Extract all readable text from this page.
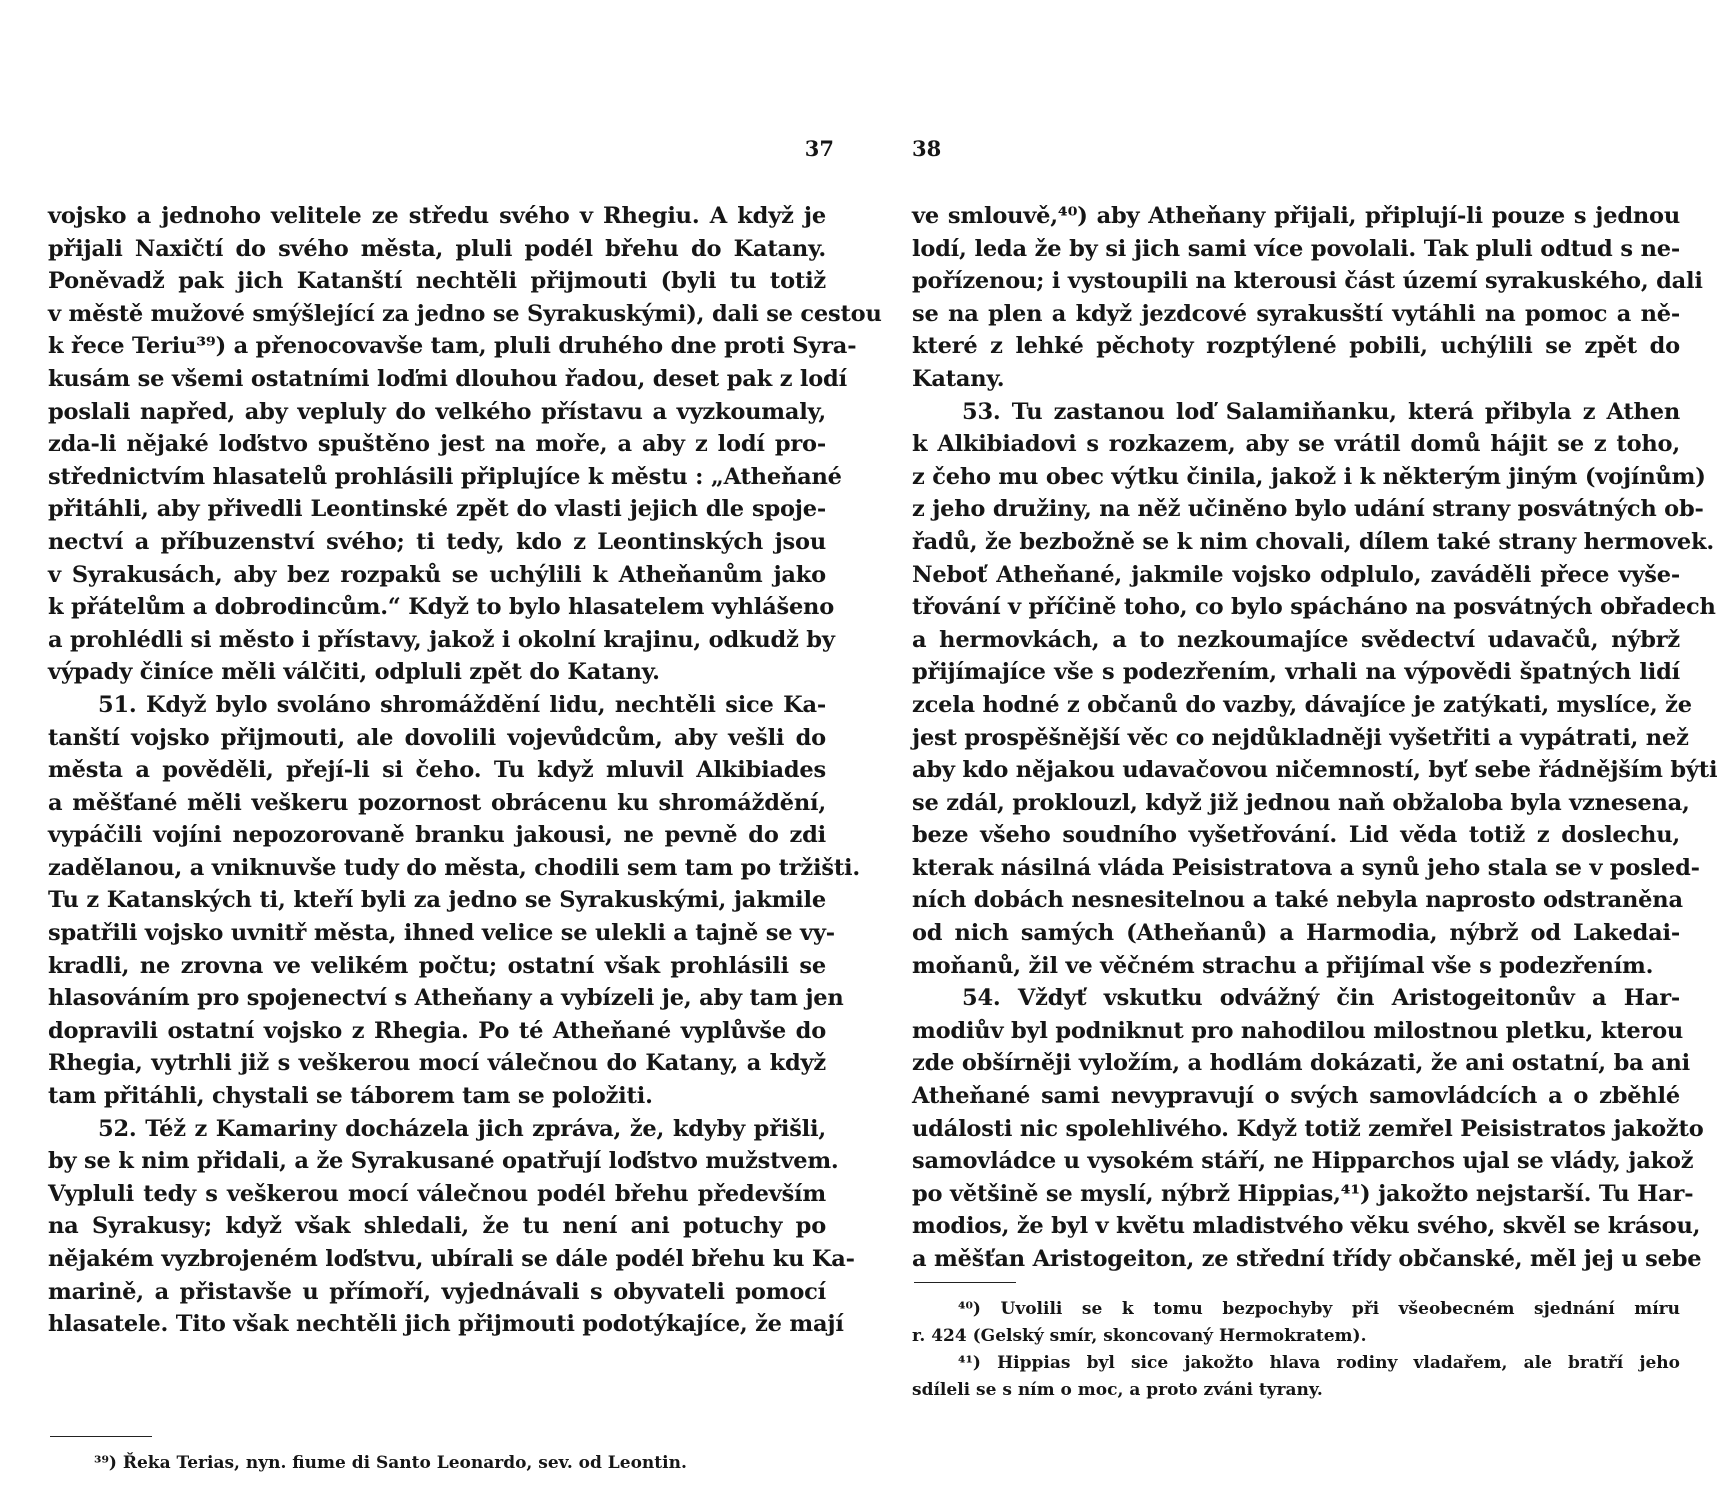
37
vojsko a jednoho velitele ze středu svého v Rhegiu. A když je
přijali Naxičtí do svého města, pluli podél břehu do Katany.
Poněvadž pak jich Katanští nechtěli přijmouti (byli tu totiž
v městě mužové smýšlející za jedno se Syrakuskými), dali se cestou
k řece Teriu³⁹) a přenocovavše tam, pluli druhého dne proti Syra-
kusám se všemi ostatními loďmi dlouhou řadou, deset pak z lodí
poslali napřed, aby vepluly do velkého přístavu a vyzkoumaly,
zda-li nějaké loďstvo spuštěno jest na moře, a aby z lodí pro-
střednictvím hlasatelů prohlásili připlujíce k městu : „Atheňané
přitáhli, aby přivedli Leontinské zpět do vlasti jejich dle spoje-
nectví a příbuzenství svého; ti tedy, kdo z Leontinských jsou
v Syrakusách, aby bez rozpaků se uchýlili k Atheňanům jako
k přátelům a dobrodincům.“ Když to bylo hlasatelem vyhlášeno
a prohlédli si město i přístavy, jakož i okolní krajinu, odkudž by
výpady činíce měli válčiti, odpluli zpět do Katany.
51. Když bylo svoláno shromáždění lidu, nechtěli sice Ka-
tanští vojsko přijmouti, ale dovolili vojevůdcům, aby vešli do
města a pověděli, přejí-li si čeho. Tu když mluvil Alkibiades
a měšťané měli veškeru pozornost obrácenu ku shromáždění,
vypáčili vojíni nepozorovaně branku jakousi, ne pevně do zdi
zadělanou, a vniknuvše tudy do města, chodili sem tam po tržišti.
Tu z Katanských ti, kteří byli za jedno se Syrakuskými, jakmile
spatřili vojsko uvnitř města, ihned velice se ulekli a tajně se vy-
kradli, ne zrovna ve velikém počtu; ostatní však prohlásili se
hlasováním pro spojenectví s Atheňany a vybízeli je, aby tam jen
dopravili ostatní vojsko z Rhegia. Po té Atheňané vyplůvše do
Rhegia, vytrhli již s veškerou mocí válečnou do Katany, a když
tam přitáhli, chystali se táborem tam se položiti.
52. Též z Kamariny docházela jich zpráva, že, kdyby přišli,
by se k nim přidali, a že Syrakusané opatřují loďstvo mužstvem.
Vypluli tedy s veškerou mocí válečnou podél břehu především
na Syrakusy; když však shledali, že tu není ani potuchy po
nějakém vyzbrojeném loďstvu, ubírali se dále podél břehu ku Ka-
marině, a přistavše u přímoří, vyjednávali s obyvateli pomocí
hlasatele. Tito však nechtěli jich přijmouti podotýkajíce, že mají
³⁹) Řeka Terias, nyn. fiume di Santo Leonardo, sev. od Leontin.
38
ve smlouvě,⁴⁰) aby Atheňany přijali, připlují-li pouze s jednou
lodí, leda že by si jich sami více povolali. Tak pluli odtud s ne-
pořízenou; i vystoupili na kterousi část území syrakuského, dali
se na plen a když jezdcové syrakusští vytáhli na pomoc a ně-
které z lehké pěchoty rozptýlené pobili, uchýlili se zpět do
Katany.
53. Tu zastanou loď Salamiňanku, která přibyla z Athen
k Alkibiadovi s rozkazem, aby se vrátil domů hájit se z toho,
z čeho mu obec výtku činila, jakož i k některým jiným (vojínům)
z jeho družiny, na něž učiněno bylo udání strany posvátných ob-
řadů, že bezbožně se k nim chovali, dílem také strany hermovek.
Neboť Atheňané, jakmile vojsko odplulo, zaváděli přece vyše-
třování v příčině toho, co bylo spácháno na posvátných obřadech
a hermovkách, a to nezkoumajíce svědectví udavačů, nýbrž
přijímajíce vše s podezřením, vrhali na výpovědi špatných lidí
zcela hodné z občanů do vazby, dávajíce je zatýkati, myslíce, že
jest prospěšnější věc co nejdůkladněji vyšetřiti a vypátrati, než
aby kdo nějakou udavačovou ničemností, byť sebe řádnějším býti
se zdál, proklouzl, když již jednou naň obžaloba byla vznesena,
beze všeho soudního vyšetřování. Lid věda totiž z doslechu,
kterak násilná vláda Peisistratova a synů jeho stala se v posled-
ních dobách nesnesitelnou a také nebyla naprosto odstraněna
od nich samých (Atheňanů) a Harmodia, nýbrž od Lakedai-
moňanů, žil ve věčném strachu a přijímal vše s podezřením.
54. Vždyť vskutku odvážný čin Aristogeitonův a Har-
modiův byl podniknut pro nahodilou milostnou pletku, kterou
zde obšírněji vyložím, a hodlám dokázati, že ani ostatní, ba ani
Atheňané sami nevypravují o svých samovládcích a o zběhlé
události nic spolehlivého. Když totiž zemřel Peisistratos jakožto
samovládce u vysokém stáří, ne Hipparchos ujal se vlády, jakož
po většině se myslí, nýbrž Hippias,⁴¹) jakožto nejstarší. Tu Har-
modios, že byl v květu mladistvého věku svého, skvěl se krásou,
a měšťan Aristogeiton, ze střední třídy občanské, měl jej u sebe
⁴⁰) Uvolili se k tomu bezpochyby při všeobecném sjednání míru
r. 424 (Gelský smír, skoncovaný Hermokratem).
⁴¹) Hippias byl sice jakožto hlava rodiny vladařem, ale bratří jeho
sdíleli se s ním o moc, a proto zváni tyrany.
